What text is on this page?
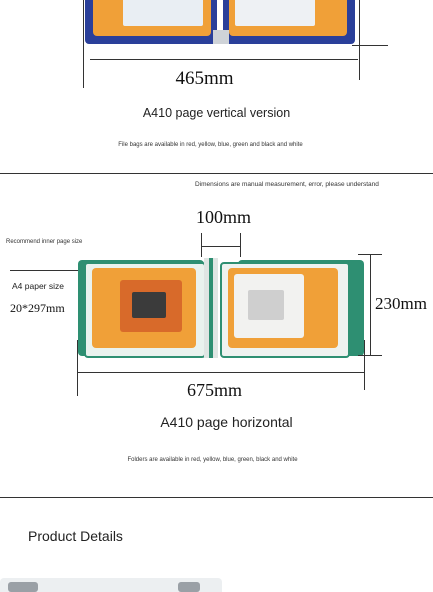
465mm
A410 page vertical version
File bags are available in red, yellow, blue, green and black and white
Dimensions are manual measurement, error, please understand
100mm
Recommend inner page size
A4 paper size
20*297mm	230mm
675mm
A410 page horizontal
Folders are available in red, yellow, blue, green, black and white
Product Details
